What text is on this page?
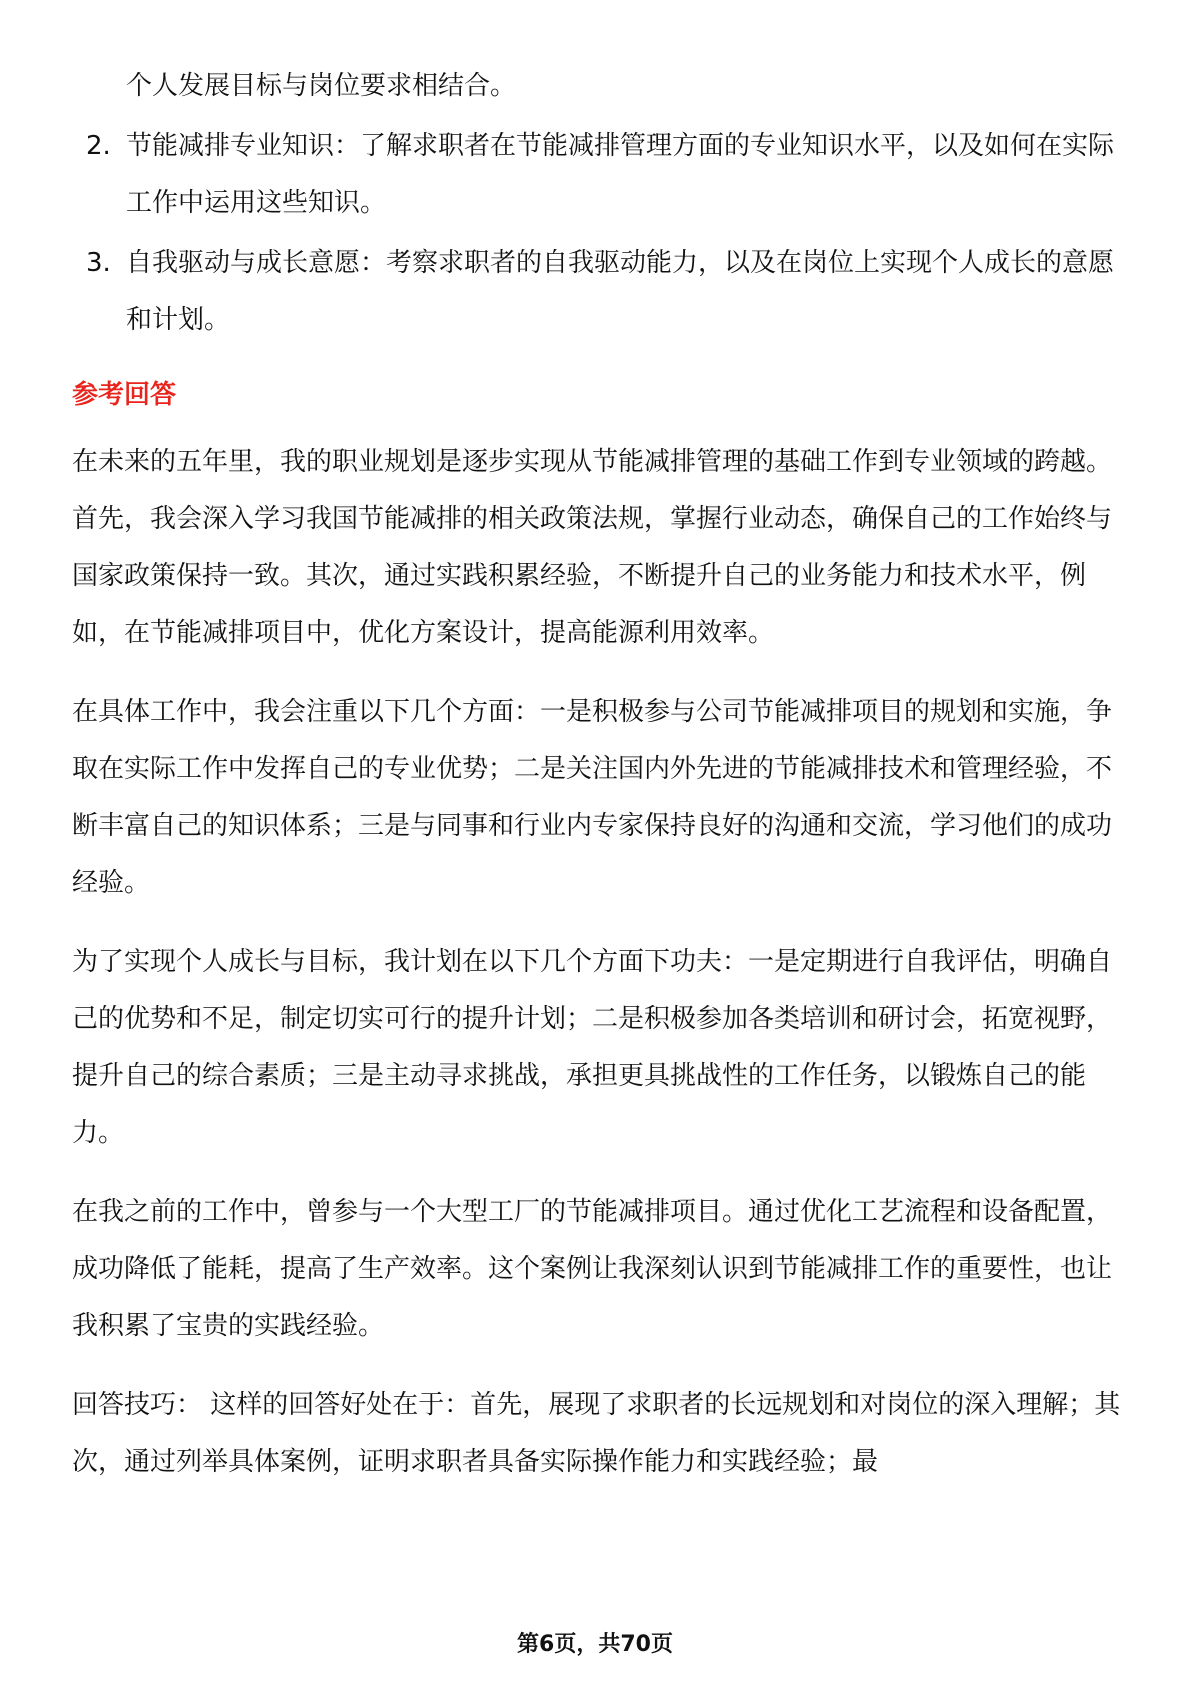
个人发展目标与岗位要求相结合。

2. 节能减排专业知识：了解求职者在节能减排管理方面的专业知识水平，以及如何在实际工作中运用这些知识。
3. 自我驱动与成长意愿：考察求职者的自我驱动能力，以及在岗位上实现个人成长的意愿和计划。
参考回答

在未来的五年里，我的职业规划是逐步实现从节能减排管理的基础工作到专业领域的跨越。首先，我会深入学习我国节能减排的相关政策法规，掌握行业动态，确保自己的工作始终与国家政策保持一致。其次，通过实践积累经验，不断提升自己的业务能力和技术水平，例如，在节能减排项目中，优化方案设计，提高能源利用效率。

在具体工作中，我会注重以下几个方面：一是积极参与公司节能减排项目的规划和实施，争取在实际工作中发挥自己的专业优势；二是关注国内外先进的节能减排技术和管理经验，不断丰富自己的知识体系；三是与同事和行业内专家保持良好的沟通和交流，学习他们的成功经验。

为了实现个人成长与目标，我计划在以下几个方面下功夫：一是定期进行自我评估，明确自己的优势和不足，制定切实可行的提升计划；二是积极参加各类培训和研讨会，拓宽视野，提升自己的综合素质；三是主动寻求挑战，承担更具挑战性的工作任务，以锻炼自己的能力。

在我之前的工作中，曾参与一个大型工厂的节能减排项目。通过优化工艺流程和设备配置，成功降低了能耗，提高了生产效率。这个案例让我深刻认识到节能减排工作的重要性，也让我积累了宝贵的实践经验。

回答技巧： 这样的回答好处在于：首先，展现了求职者的长远规划和对岗位的深入理解；其次，通过列举具体案例，证明求职者具备实际操作能力和实践经验；最

第6页，共70页
